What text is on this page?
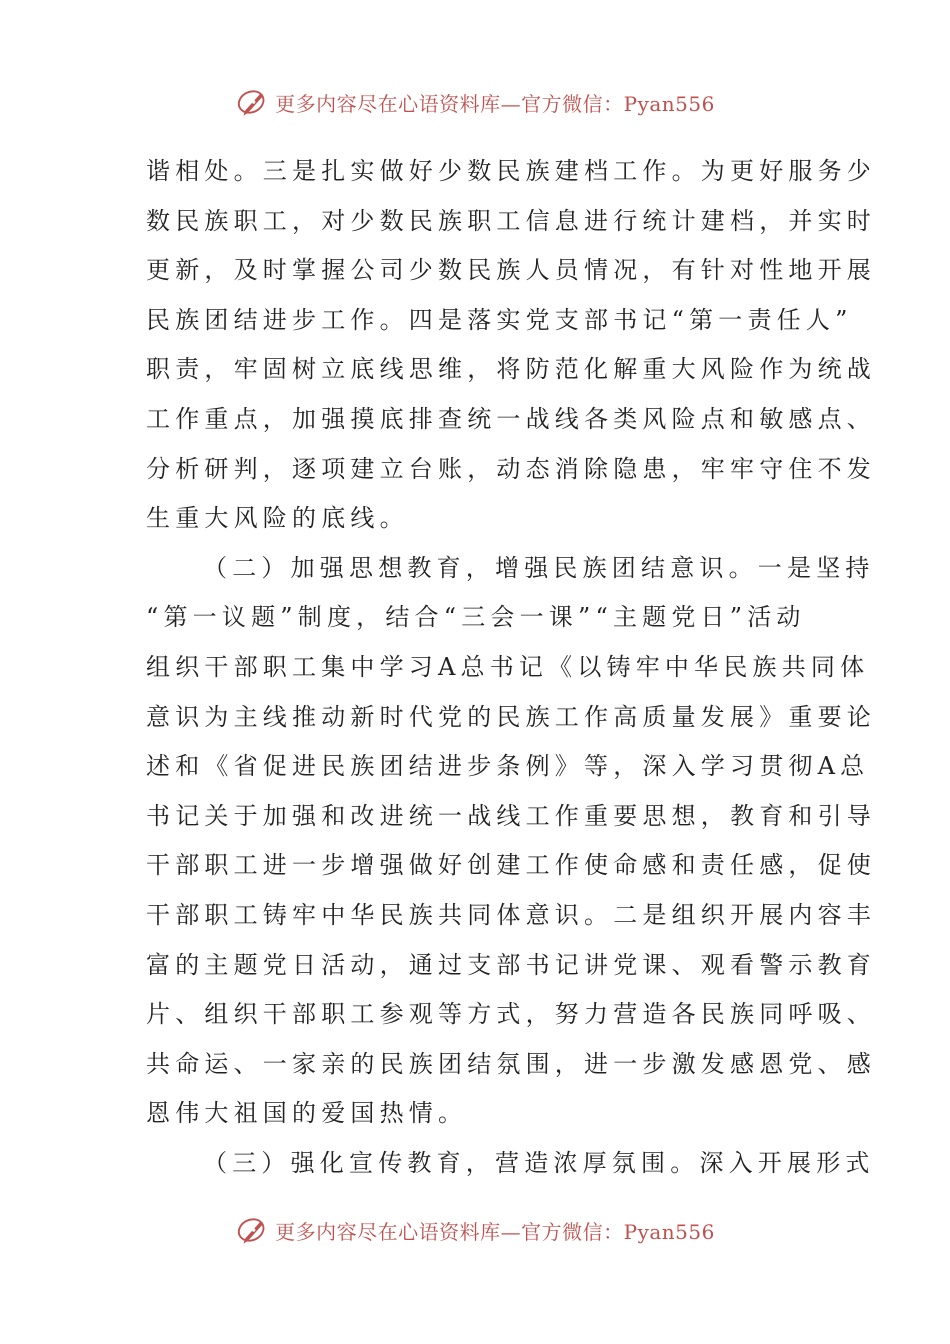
更多内容尽在心语资料库—官方微信：Pyan556
谐相处。三是扎实做好少数民族建档工作。为更好服务少
数民族职工，对少数民族职工信息进行统计建档，并实时
更新，及时掌握公司少数民族人员情况，有针对性地开展
民族团结进步工作。四是落实党支部书记“第一责任人”
职责，牢固树立底线思维，将防范化解重大风险作为统战
工作重点，加强摸底排查统一战线各类风险点和敏感点、
分析研判，逐项建立台账，动态消除隐患，牢牢守住不发
生重大风险的底线。
（二）加强思想教育，增强民族团结意识。一是坚持
“第一议题”制度，结合“三会一课”“主题党日”活动
组织干部职工集中学习A总书记《以铸牢中华民族共同体
意识为主线推动新时代党的民族工作高质量发展》重要论
述和《省促进民族团结进步条例》等，深入学习贯彻A总
书记关于加强和改进统一战线工作重要思想，教育和引导
干部职工进一步增强做好创建工作使命感和责任感，促使
干部职工铸牢中华民族共同体意识。二是组织开展内容丰
富的主题党日活动，通过支部书记讲党课、观看警示教育
片、组织干部职工参观等方式，努力营造各民族同呼吸、
共命运、一家亲的民族团结氛围，进一步激发感恩党、感
恩伟大祖国的爱国热情。
（三）强化宣传教育，营造浓厚氛围。深入开展形式
更多内容尽在心语资料库—官方微信：Pyan556
